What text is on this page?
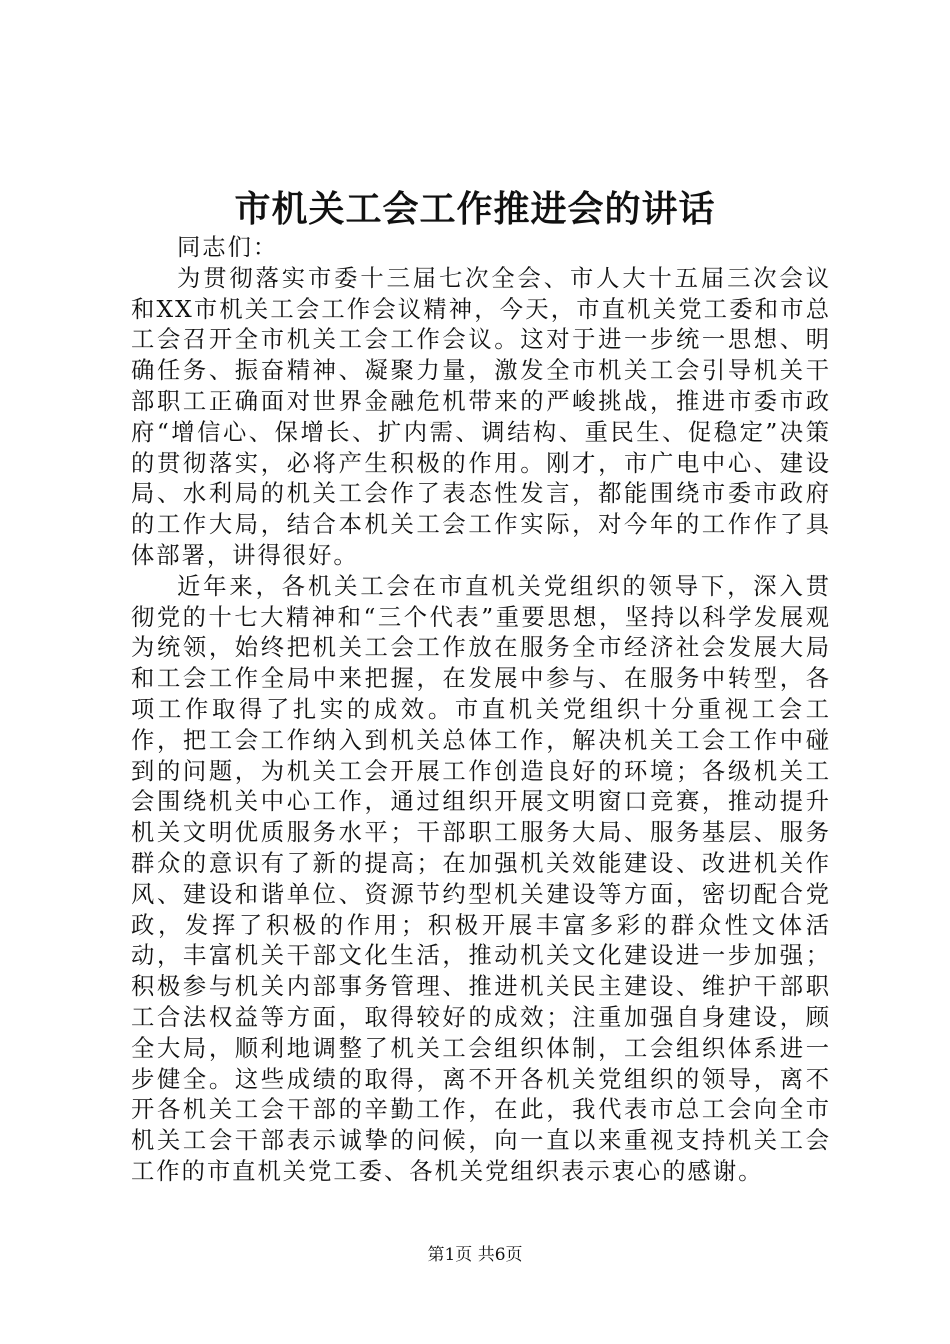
市机关工会工作推进会的讲话

同志们：

为贯彻落实市委十三届七次全会、市人大十五届三次会议和XX市机关工会工作会议精神，今天，市直机关党工委和市总工会召开全市机关工会工作会议。这对于进一步统一思想、明确任务、振奋精神、凝聚力量，激发全市机关工会引导机关干部职工正确面对世界金融危机带来的严峻挑战，推进市委市政府“增信心、保增长、扩内需、调结构、重民生、促稳定”决策的贯彻落实，必将产生积极的作用。刚才，市广电中心、建设局、水利局的机关工会作了表态性发言，都能围绕市委市政府的工作大局，结合本机关工会工作实际，对今年的工作作了具体部署，讲得很好。

近年来，各机关工会在市直机关党组织的领导下，深入贯彻党的十七大精神和“三个代表”重要思想，坚持以科学发展观为统领，始终把机关工会工作放在服务全市经济社会发展大局和工会工作全局中来把握，在发展中参与、在服务中转型，各项工作取得了扎实的成效。市直机关党组织十分重视工会工作，把工会工作纳入到机关总体工作，解决机关工会工作中碰到的问题，为机关工会开展工作创造良好的环境；各级机关工会围绕机关中心工作，通过组织开展文明窗口竞赛，推动提升机关文明优质服务水平；干部职工服务大局、服务基层、服务群众的意识有了新的提高；在加强机关效能建设、改进机关作风、建设和谐单位、资源节约型机关建设等方面，密切配合党政，发挥了积极的作用；积极开展丰富多彩的群众性文体活动，丰富机关干部文化生活，推动机关文化建设进一步加强；积极参与机关内部事务管理、推进机关民主建设、维护干部职工合法权益等方面，取得较好的成效；注重加强自身建设，顾全大局，顺利地调整了机关工会组织体制，工会组织体系进一步健全。这些成绩的取得，离不开各机关党组织的领导，离不开各机关工会干部的辛勤工作，在此，我代表市总工会向全市机关工会干部表示诚挚的问候，向一直以来重视支持机关工会工作的市直机关党工委、各机关党组织表示衷心的感谢。

第1页 共6页
